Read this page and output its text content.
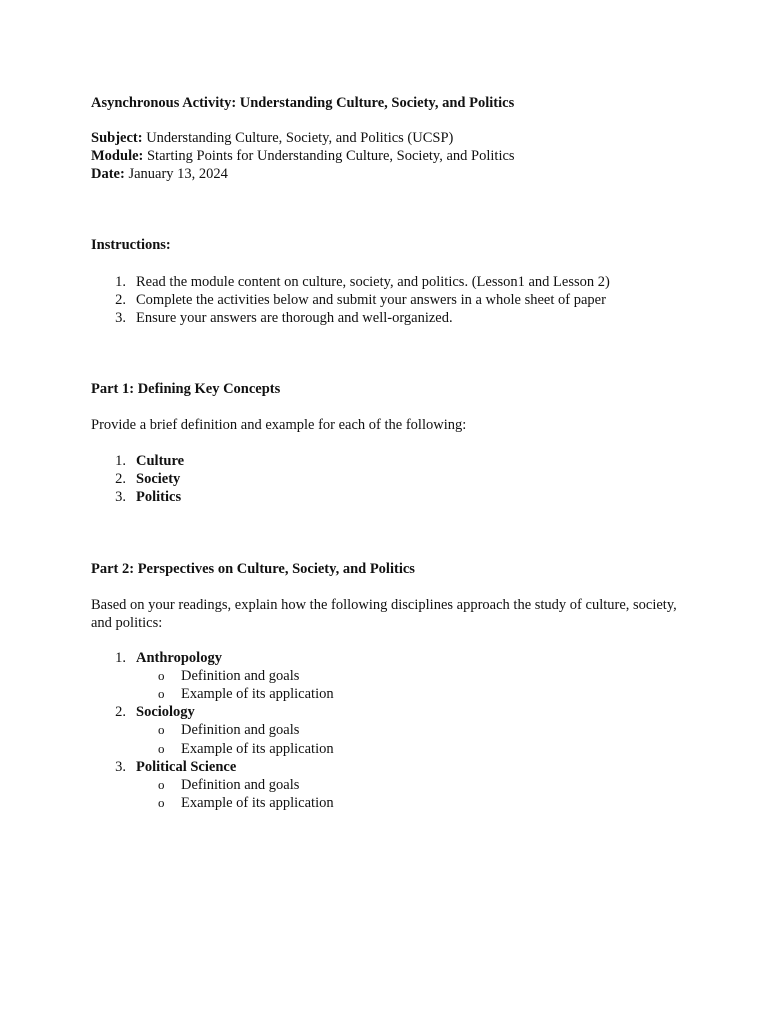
Asynchronous Activity: Understanding Culture, Society, and Politics

Subject: Understanding Culture, Society, and Politics (UCSP)

Module: Starting Points for Understanding Culture, Society, and Politics

Date: January 13, 2024

Instructions:

1. Read the module content on culture, society, and politics. (Lesson1 and Lesson 2)
2. Complete the activities below and submit your answers in a whole sheet of paper
3. Ensure your answers are thorough and well-organized.

Part 1: Defining Key Concepts

Provide a brief definition and example for each of the following:

1. Culture
2. Society
3. Politics

Part 2: Perspectives on Culture, Society, and Politics

Based on your readings, explain how the following disciplines approach the study of culture, society, and politics:

1. Anthropology
o Definition and goals
o Example of its application
2. Sociology
o Definition and goals
o Example of its application
3. Political Science
o Definition and goals
o Example of its application
